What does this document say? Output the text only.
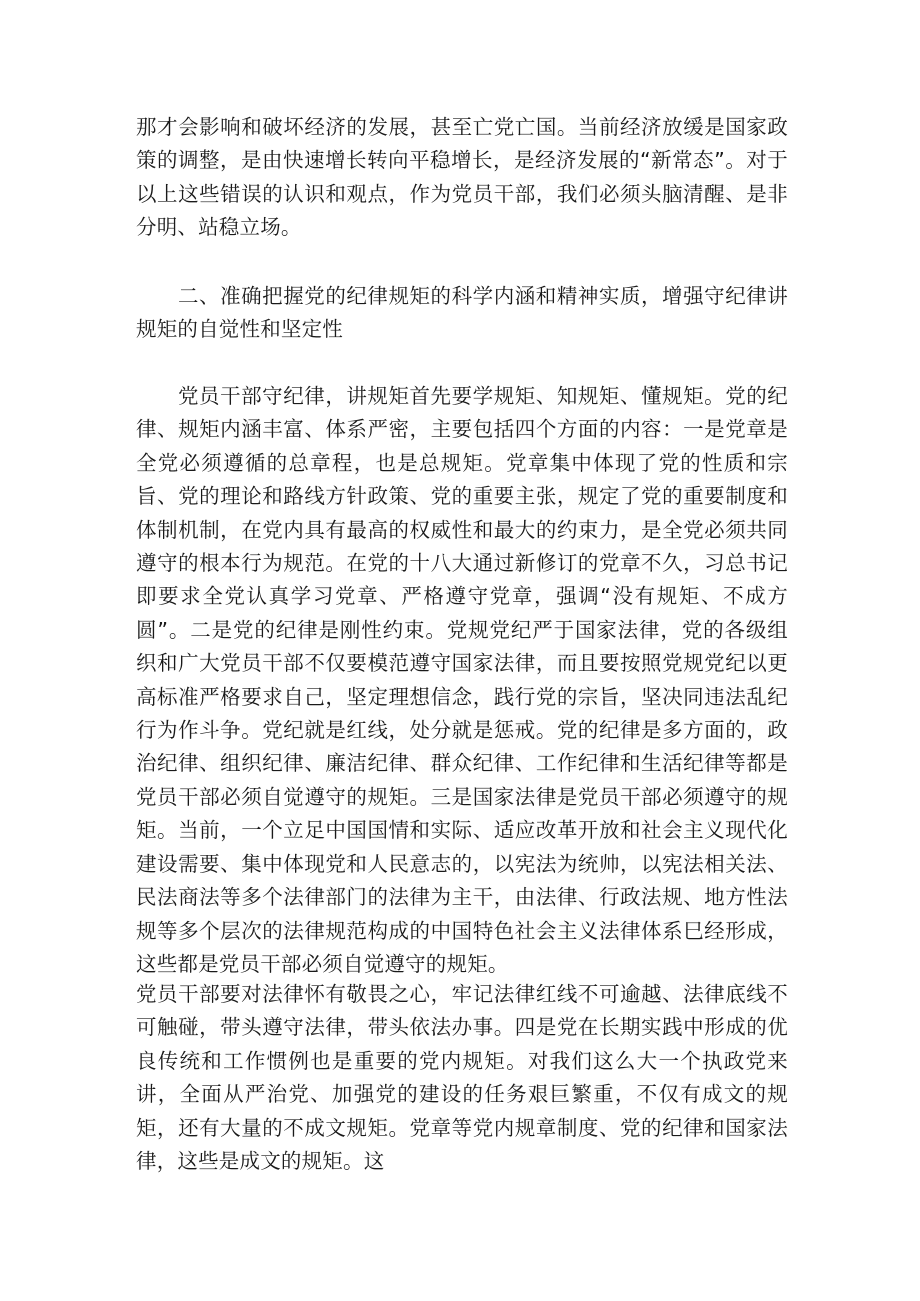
那才会影响和破坏经济的发展，甚至亡党亡国。当前经济放缓是国家政策的调整，是由快速增长转向平稳增长，是经济发展的“新常态”。对于以上这些错误的认识和观点，作为党员干部，我们必须头脑清醒、是非分明、站稳立场。

二、准确把握党的纪律规矩的科学内涵和精神实质，增强守纪律讲规矩的自觉性和坚定性

党员干部守纪律，讲规矩首先要学规矩、知规矩、懂规矩。党的纪律、规矩内涵丰富、体系严密，主要包括四个方面的内容：一是党章是全党必须遵循的总章程，也是总规矩。党章集中体现了党的性质和宗旨、党的理论和路线方针政策、党的重要主张，规定了党的重要制度和体制机制，在党内具有最高的权威性和最大的约束力，是全党必须共同遵守的根本行为规范。在党的十八大通过新修订的党章不久，习总书记即要求全党认真学习党章、严格遵守党章，强调“没有规矩、不成方圆”。二是党的纪律是刚性约束。党规党纪严于国家法律，党的各级组织和广大党员干部不仅要模范遵守国家法律，而且要按照党规党纪以更高标准严格要求自己，坚定理想信念，践行党的宗旨，坚决同违法乱纪行为作斗争。党纪就是红线，处分就是惩戒。党的纪律是多方面的，政治纪律、组织纪律、廉洁纪律、群众纪律、工作纪律和生活纪律等都是党员干部必须自觉遵守的规矩。三是国家法律是党员干部必须遵守的规矩。当前，一个立足中国国情和实际、适应改革开放和社会主义现代化建设需要、集中体现党和人民意志的，以宪法为统帅，以宪法相关法、民法商法等多个法律部门的法律为主干，由法律、行政法规、地方性法规等多个层次的法律规范构成的中国特色社会主义法律体系巳经形成，这些都是党员干部必须自觉遵守的规矩。

党员干部要对法律怀有敬畏之心，牢记法律红线不可逾越、法律底线不可触碰，带头遵守法律，带头依法办事。四是党在长期实践中形成的优良传统和工作惯例也是重要的党内规矩。对我们这么大一个执政党来讲，全面从严治党、加强党的建设的任务艰巨繁重，不仅有成文的规矩，还有大量的不成文规矩。党章等党内规章制度、党的纪律和国家法律，这些是成文的规矩。这
